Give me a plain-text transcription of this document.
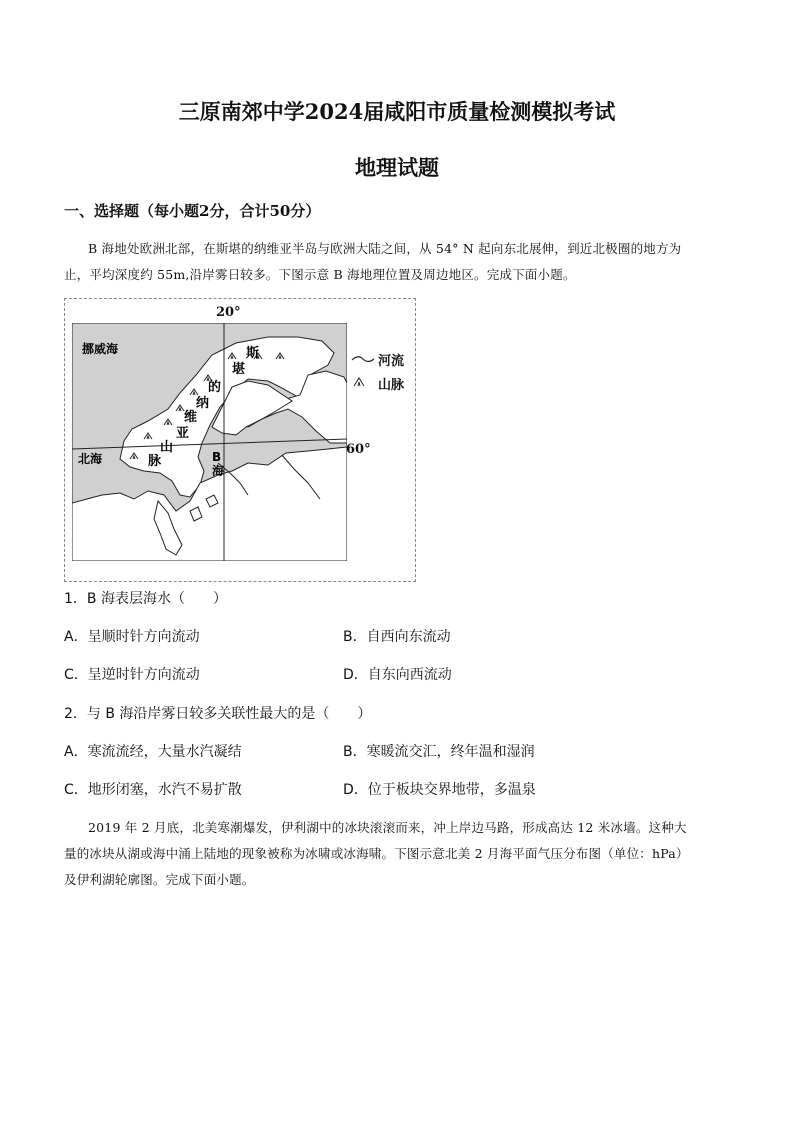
三原南郊中学2024届咸阳市质量检测模拟考试
地理试题
一、选择题（每小题2分，合计50分）
B 海地处欧洲北部，在斯堪的纳维亚半岛与欧洲大陆之间，从 54° N 起向东北展伸，到近北极圈的地方为
止，平均深度约 55m,沿岸雾日较多。下图示意 B 海地理位置及周边地区。完成下面小题。
挪威海
北海	B
海
斯
堪
的
纳
维
亚
山
脉
20°
60°
河流
山脉
1．B 海表层海水（　　）
A．呈顺时针方向流动	B．自西向东流动
C．呈逆时针方向流动	D．自东向西流动
2．与 B 海沿岸雾日较多关联性最大的是（　　）
A．寒流流经，大量水汽凝结	B．寒暖流交汇，终年温和湿润
C．地形闭塞，水汽不易扩散	D．位于板块交界地带，多温泉
2019 年 2 月底，北美寒潮爆发，伊利湖中的冰块滚滚而来，冲上岸边马路，形成高达 12 米冰墙。这种大
量的冰块从湖或海中涌上陆地的现象被称为冰啸或冰海啸。下图示意北美 2 月海平面气压分布图（单位：hPa）
及伊利湖轮廓图。完成下面小题。
